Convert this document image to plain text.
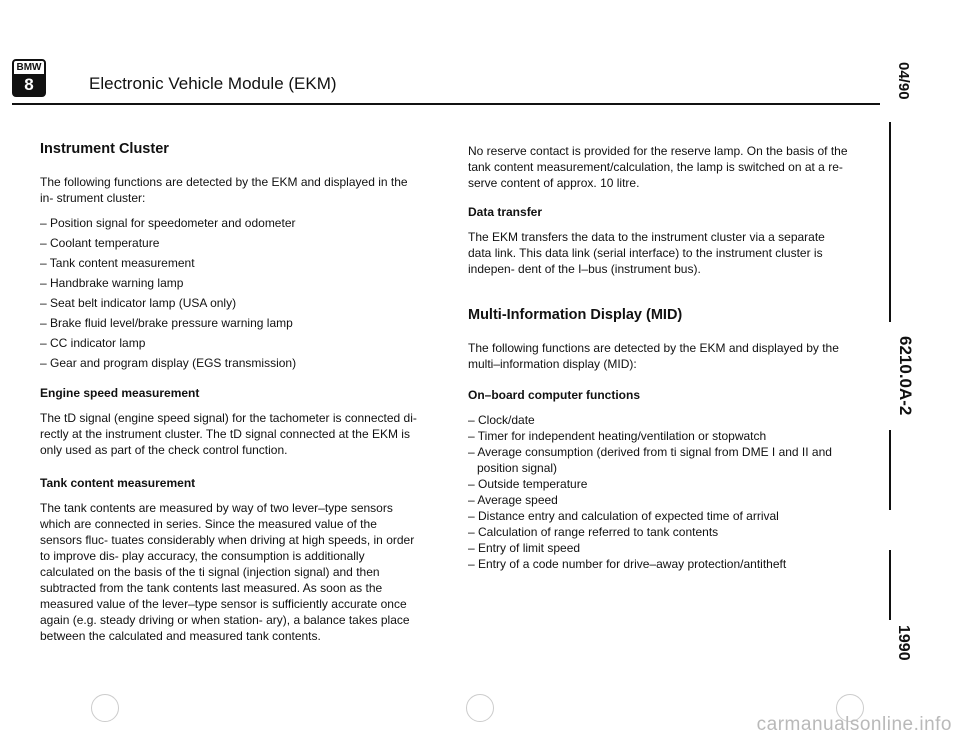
BMW
8	Electronic Vehicle Module (EKM)	04/90
6210.0A-2
1990
Instrument Cluster

The following functions are detected by the EKM and displayed in the in- strument cluster:

– Position signal for speedometer and odometer
– Coolant temperature
– Tank content measurement
– Handbrake warning lamp
– Seat belt indicator lamp (USA only)
– Brake fluid level/brake pressure warning lamp
– CC indicator lamp
– Gear and program display (EGS transmission)
Engine speed measurement

The tD signal (engine speed signal) for the tachometer is connected di- rectly at the instrument cluster. The tD signal connected at the EKM is only used as part of the check control function.

Tank content measurement

The tank contents are measured by way of two lever–type sensors which are connected in series. Since the measured value of the sensors fluc- tuates considerably when driving at high speeds, in order to improve dis- play accuracy, the consumption is additionally calculated on the basis of the ti signal (injection signal) and then subtracted from the tank contents last measured. As soon as the measured value of the lever–type sensor is sufficiently accurate once again (e.g. steady driving or when station- ary), a balance takes place between the calculated and measured tank contents.

No reserve contact is provided for the reserve lamp. On the basis of the tank content measurement/calculation, the lamp is switched on at a re- serve content of approx. 10 litre.

Data transfer

The EKM transfers the data to the instrument cluster via a separate data link. This data link (serial interface) to the instrument cluster is indepen- dent of the I–bus (instrument bus).

Multi-Information Display (MID)

The following functions are detected by the EKM and displayed by the multi–information display (MID):

On–board computer functions
– Clock/date
– Timer for independent heating/ventilation or stopwatch
– Average consumption (derived from ti signal from DME I and II and position signal)
– Outside temperature
– Average speed
– Distance entry and calculation of expected time of arrival
– Calculation of range referred to tank contents
– Entry of limit speed
– Entry of a code number for drive–away protection/antitheft
carmanualsonline.info
